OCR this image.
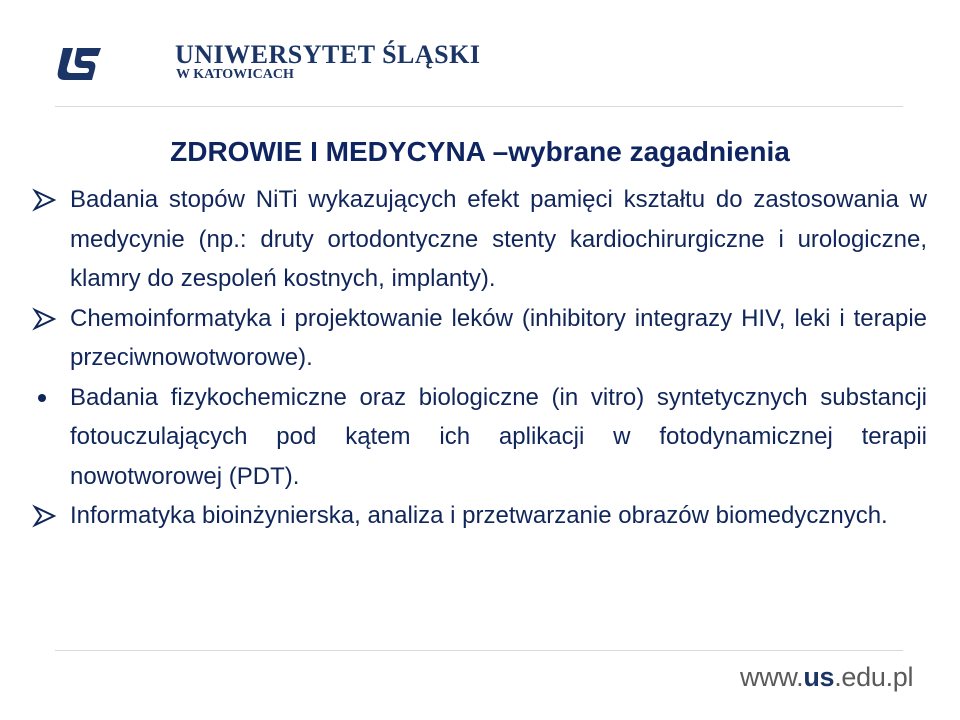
UNIWERSYTET ŚLĄSKI
W KATOWICACH
ZDROWIE I MEDYCYNA –wybrane zagadnienia
Badania stopów NiTi wykazujących efekt pamięci kształtu do zastosowania w medycynie (np.: druty ortodontyczne stenty kardiochirurgiczne i urologiczne, klamry do zespoleń kostnych, implanty).
Chemoinformatyka i projektowanie leków (inhibitory integrazy HIV, leki i terapie przeciwnowotworowe).
Badania fizykochemiczne oraz biologiczne (in vitro) syntetycznych substancji fotouczulających pod kątem ich aplikacji w fotodynamicznej terapii nowotworowej (PDT).
Informatyka bioinżynierska, analiza i przetwarzanie obrazów biomedycznych.
www.us.edu.pl
